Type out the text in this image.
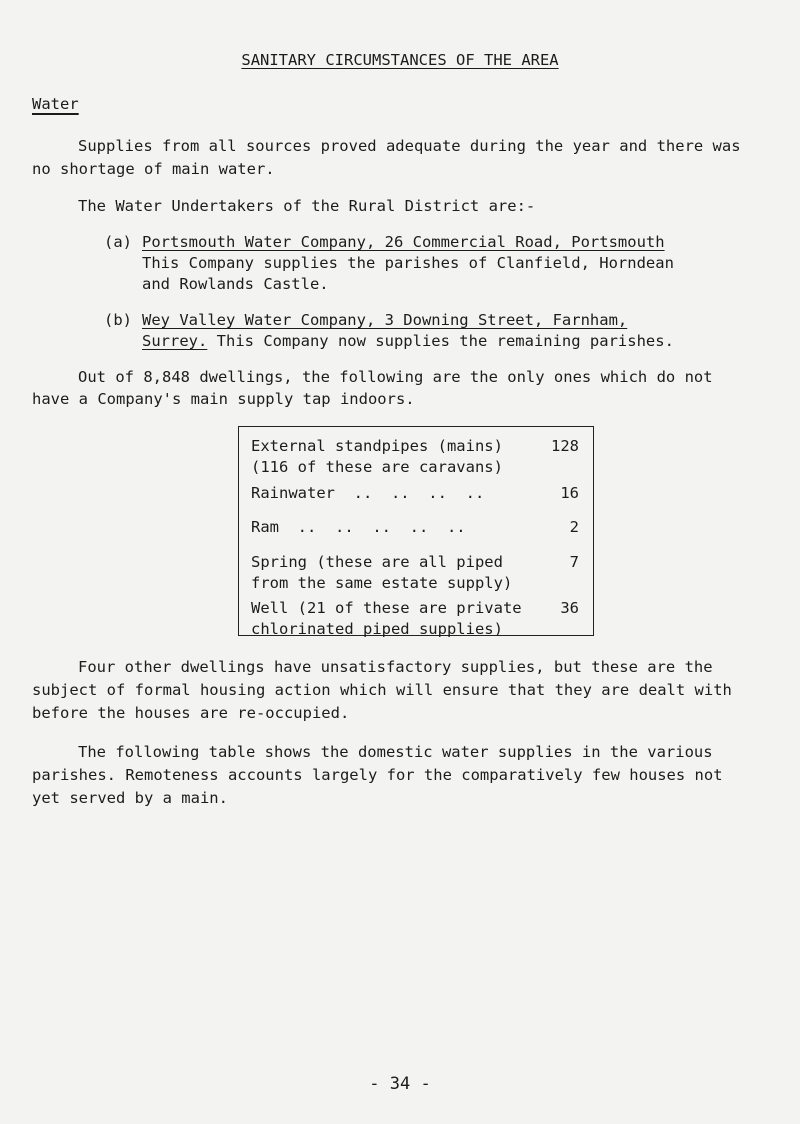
SANITARY CIRCUMSTANCES OF THE AREA
Water

Supplies from all sources proved adequate during the year and there was

no shortage of main water.

The Water Undertakers of the Rural District are:-

(a) Portsmouth Water Company, 26 Commercial Road, Portsmouth

This Company supplies the parishes of Clanfield, Horndean

and Rowlands Castle.

(b) Wey Valley Water Company, 3 Downing Street, Farnham,

Surrey. This Company now supplies the remaining parishes.

Out of 8,848 dwellings, the following are the only ones which do not

have a Company's main supply tap indoors.

External standpipes (mains)
(116 of these are caravans)
128
Rainwater  ..  ..  ..  ..	16
Ram  ..  ..  ..  ..  ..	2
Spring (these are all piped
from the same estate supply)
7
Well (21 of these are private
chlorinated piped supplies)
36

Four other dwellings have unsatisfactory supplies, but these are the

subject of formal housing action which will ensure that they are dealt with

before the houses are re-occupied.

The following table shows the domestic water supplies in the various

parishes. Remoteness accounts largely for the comparatively few houses not

yet served by a main.

- 34 -
